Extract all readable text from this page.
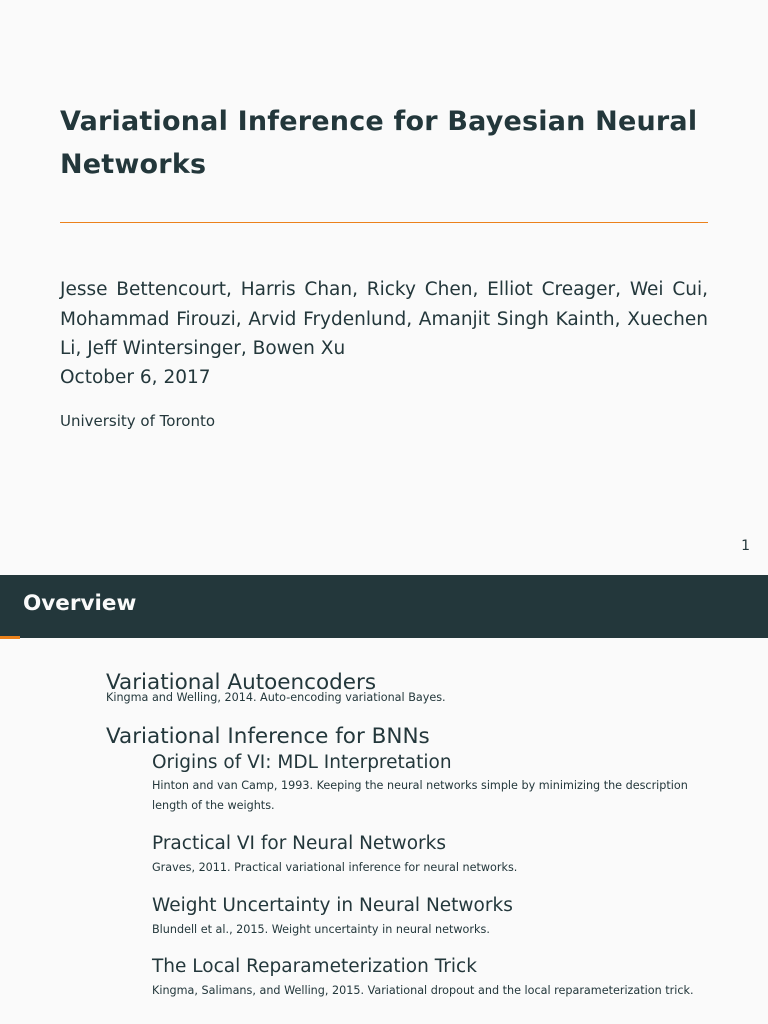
Variational Inference for Bayesian Neural
Networks
Jesse Bettencourt, Harris Chan, Ricky Chen, Elliot Creager, Wei Cui, Mohammad Firouzi, Arvid Frydenlund, Amanjit Singh Kainth, Xuechen Li, Jeff Wintersinger, Bowen Xu
October 6, 2017
University of Toronto
1
Overview
Variational Autoencoders
Kingma and Welling, 2014. Auto-encoding variational Bayes.
Variational Inference for BNNs
Origins of VI: MDL Interpretation
Hinton and van Camp, 1993. Keeping the neural networks simple by minimizing the description length of the weights.
Practical VI for Neural Networks
Graves, 2011. Practical variational inference for neural networks.
Weight Uncertainty in Neural Networks
Blundell et al., 2015. Weight uncertainty in neural networks.
The Local Reparameterization Trick
Kingma, Salimans, and Welling, 2015. Variational dropout and the local reparameterization trick.
